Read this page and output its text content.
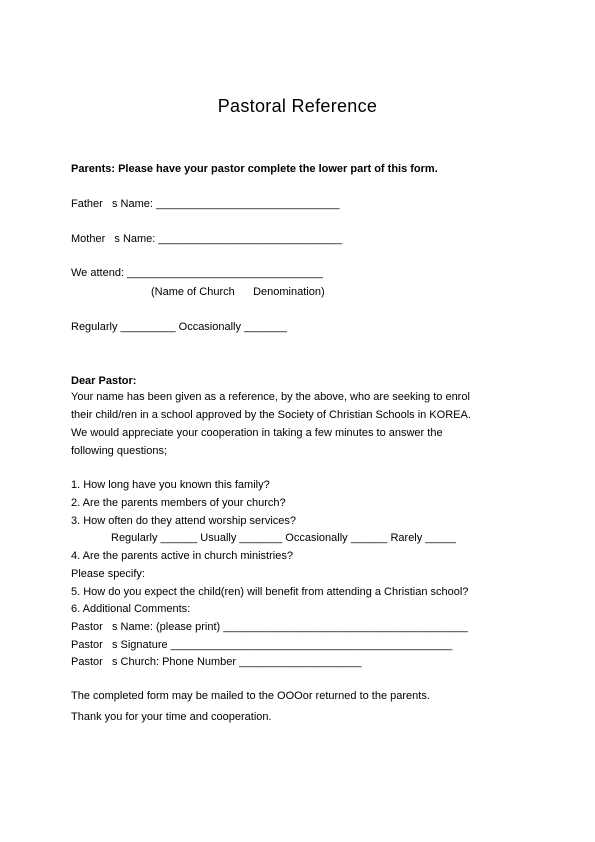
Pastoral Reference
Parents: Please have your pastor complete the lower part of this form.
Father   s Name: ______________________________
Mother   s Name: ______________________________
We attend: ________________________________
(Name of Church      Denomination)
Regularly _________ Occasionally _______
Dear Pastor:
Your name has been given as a reference, by the above, who are seeking to enrol
their child/ren in a school approved by the Society of Christian Schools in KOREA.
We would appreciate your cooperation in taking a few minutes to answer the
following questions;
1. How long have you known this family?
2. Are the parents members of your church?
3. How often do they attend worship services?
Regularly ______ Usually _______ Occasionally ______ Rarely _____
4. Are the parents active in church ministries?
Please specify:
5. How do you expect the child(ren) will benefit from attending a Christian school?
6. Additional Comments:
Pastor   s Name: (please print) ________________________________________
Pastor   s Signature ______________________________________________
Pastor   s Church: Phone Number ____________________
The completed form may be mailed to the OOOor returned to the parents.
Thank you for your time and cooperation.
